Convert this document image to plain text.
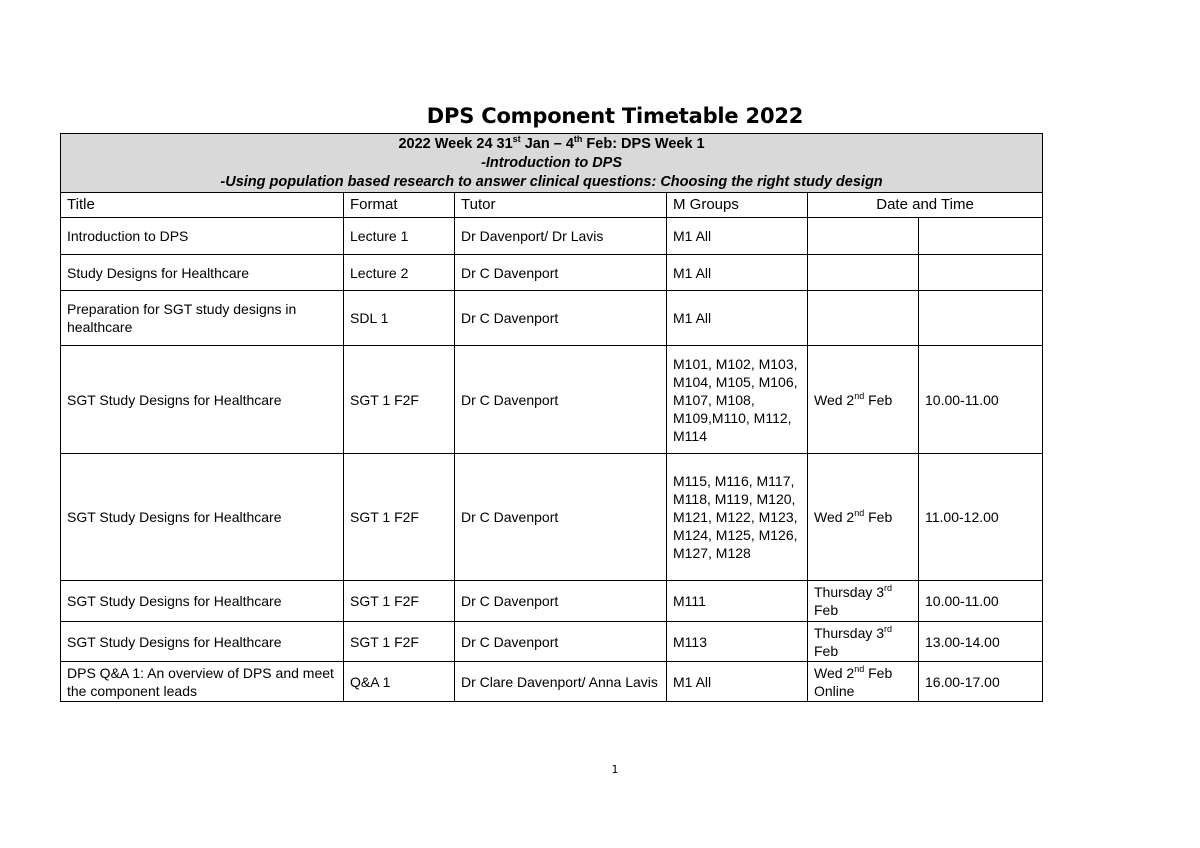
DPS Component Timetable 2022
2022 Week 24 31st Jan – 4th Feb: DPS Week 1
-Introduction to DPS
-Using population based research to answer clinical questions: Choosing the right study design					

Title	Format	Tutor	M Groups	Date and Time	
Introduction to DPS	Lecture 1	Dr Davenport/ Dr Lavis	M1 All		
Study Designs for Healthcare	Lecture 2	Dr C Davenport	M1 All		
Preparation for SGT study designs in healthcare	SDL 1	Dr C Davenport	M1 All		
SGT Study Designs for Healthcare	SGT 1 F2F	Dr C Davenport	M101, M102, M103, M104, M105, M106, M107, M108, M109,M110, M112, M114	Wed 2nd Feb	10.00-11.00
SGT Study Designs for Healthcare	SGT 1 F2F	Dr C Davenport	M115, M116, M117, M118, M119, M120, M121, M122, M123, M124, M125, M126, M127, M128	Wed 2nd Feb	11.00-12.00
SGT Study Designs for Healthcare	SGT 1 F2F	Dr C Davenport	M111	Thursday 3rd Feb	10.00-11.00
SGT Study Designs for Healthcare	SGT 1 F2F	Dr C Davenport	M113	Thursday 3rd Feb	13.00-14.00
DPS Q&A 1: An overview of DPS and meet the component leads	Q&A 1	Dr Clare Davenport/ Anna Lavis	M1 All	Wed 2nd Feb Online	16.00-17.00
1
